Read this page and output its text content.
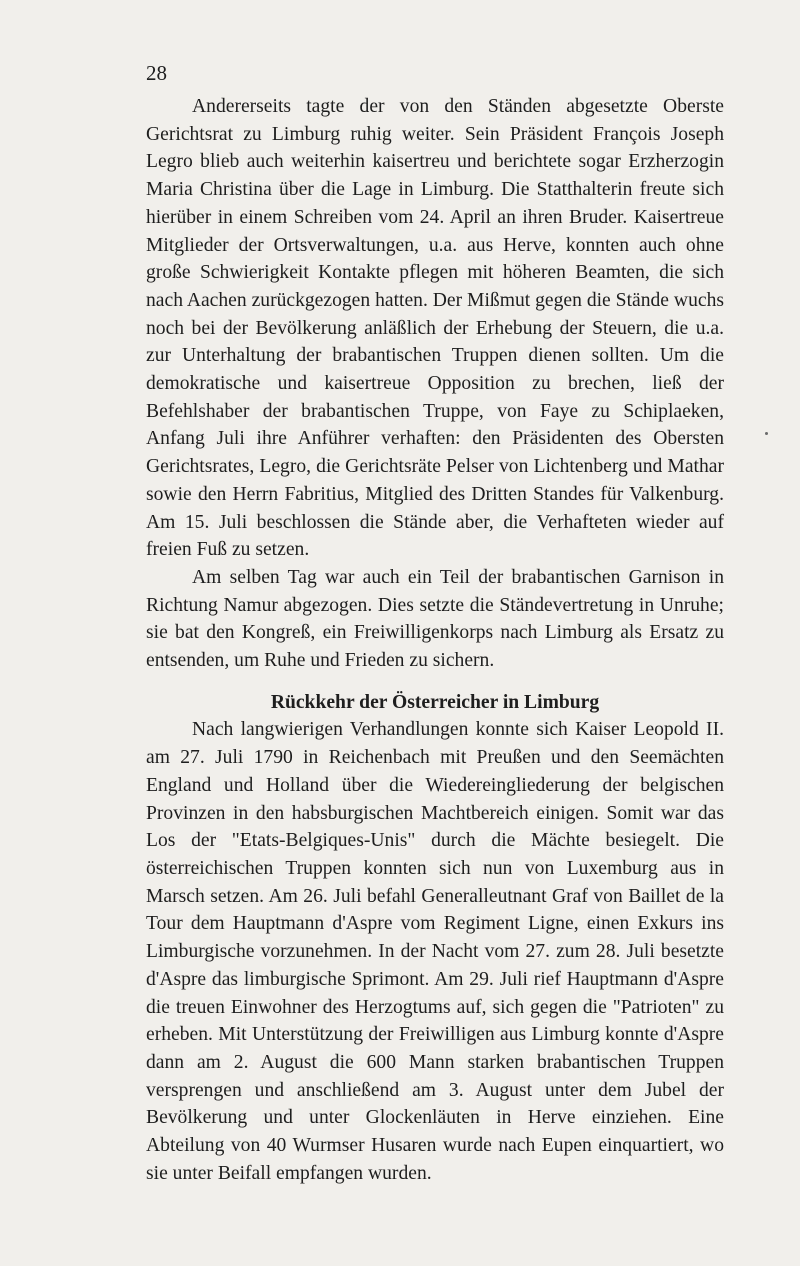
28

Andererseits tagte der von den Ständen abgesetzte Oberste Gerichtsrat zu Limburg ruhig weiter. Sein Präsident François Joseph Legro blieb auch weiterhin kaisertreu und berichtete sogar Erzherzogin Maria Christina über die Lage in Limburg. Die Statthalterin freute sich hierüber in einem Schreiben vom 24. April an ihren Bruder. Kaisertreue Mitglieder der Ortsverwaltungen, u.a. aus Herve, konnten auch ohne große Schwierigkeit Kontakte pflegen mit höheren Beamten, die sich nach Aachen zurückgezogen hatten. Der Mißmut gegen die Stände wuchs noch bei der Bevölkerung anläßlich der Erhebung der Steuern, die u.a. zur Unterhaltung der brabantischen Truppen dienen sollten. Um die demokratische und kaisertreue Opposition zu brechen, ließ der Befehlshaber der brabantischen Truppe, von Faye zu Schiplaeken, Anfang Juli ihre Anführer verhaften: den Präsidenten des Obersten Gerichtsrates, Legro, die Gerichtsräte Pelser von Lichtenberg und Mathar sowie den Herrn Fabritius, Mitglied des Dritten Standes für Valkenburg. Am 15. Juli beschlossen die Stände aber, die Verhafteten wieder auf freien Fuß zu setzen.

Am selben Tag war auch ein Teil der brabantischen Garnison in Richtung Namur abgezogen. Dies setzte die Ständevertretung in Unruhe; sie bat den Kongreß, ein Freiwilligenkorps nach Limburg als Ersatz zu entsenden, um Ruhe und Frieden zu sichern.

Rückkehr der Österreicher in Limburg

Nach langwierigen Verhandlungen konnte sich Kaiser Leopold II. am 27. Juli 1790 in Reichenbach mit Preußen und den Seemächten England und Holland über die Wiedereingliederung der belgischen Provinzen in den habsburgischen Machtbereich einigen. Somit war das Los der "Etats-Belgiques-Unis" durch die Mächte besiegelt. Die österreichischen Truppen konnten sich nun von Luxemburg aus in Marsch setzen. Am 26. Juli befahl Generalleutnant Graf von Baillet de la Tour dem Hauptmann d'Aspre vom Regiment Ligne, einen Exkurs ins Limburgische vorzunehmen. In der Nacht vom 27. zum 28. Juli besetzte d'Aspre das limburgische Sprimont. Am 29. Juli rief Hauptmann d'Aspre die treuen Einwohner des Herzogtums auf, sich gegen die "Patrioten" zu erheben. Mit Unterstützung der Freiwilligen aus Limburg konnte d'Aspre dann am 2. August die 600 Mann starken brabantischen Truppen versprengen und anschließend am 3. August unter dem Jubel der Bevölkerung und unter Glockenläuten in Herve einziehen. Eine Abteilung von 40 Wurmser Husaren wurde nach Eupen einquartiert, wo sie unter Beifall empfangen wurden.
